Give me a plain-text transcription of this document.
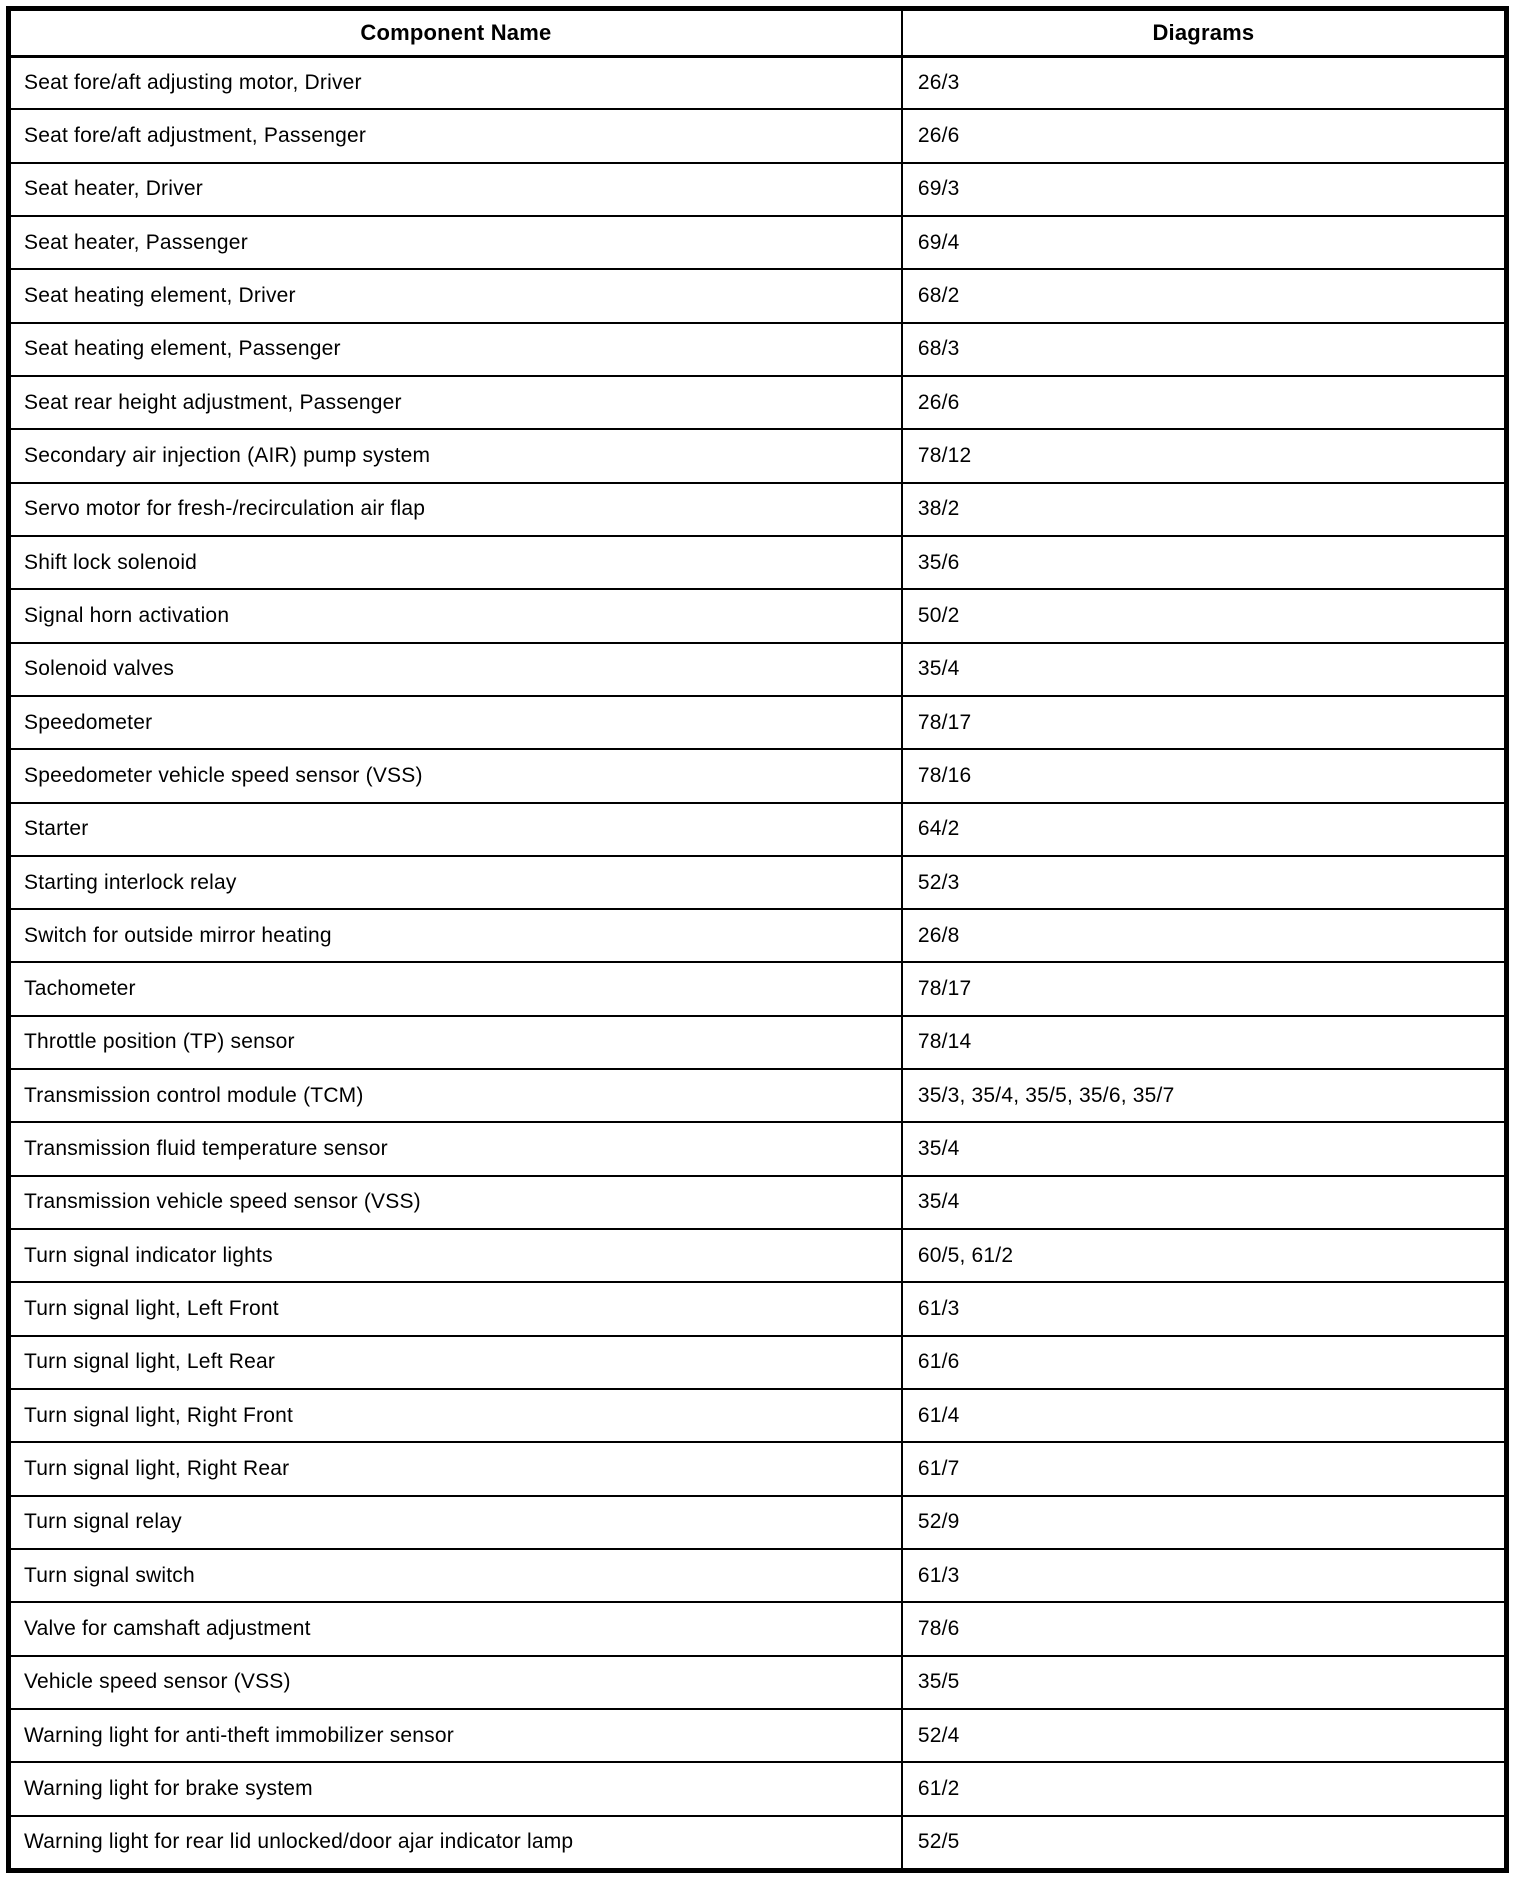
Component Name	Diagrams
Seat fore/aft adjusting motor, Driver	26/3
Seat fore/aft adjustment, Passenger	26/6
Seat heater, Driver	69/3
Seat heater, Passenger	69/4
Seat heating element, Driver	68/2
Seat heating element, Passenger	68/3
Seat rear height adjustment, Passenger	26/6
Secondary air injection (AIR) pump system	78/12
Servo motor for fresh-/recirculation air flap	38/2
Shift lock solenoid	35/6
Signal horn activation	50/2
Solenoid valves	35/4
Speedometer	78/17
Speedometer vehicle speed sensor (VSS)	78/16
Starter	64/2
Starting interlock relay	52/3
Switch for outside mirror heating	26/8
Tachometer	78/17
Throttle position (TP) sensor	78/14
Transmission control module (TCM)	35/3, 35/4, 35/5, 35/6, 35/7
Transmission fluid temperature sensor	35/4
Transmission vehicle speed sensor (VSS)	35/4
Turn signal indicator lights	60/5, 61/2
Turn signal light, Left Front	61/3
Turn signal light, Left Rear	61/6
Turn signal light, Right Front	61/4
Turn signal light, Right Rear	61/7
Turn signal relay	52/9
Turn signal switch	61/3
Valve for camshaft adjustment	78/6
Vehicle speed sensor (VSS)	35/5
Warning light for anti-theft immobilizer sensor	52/4
Warning light for brake system	61/2
Warning light for rear lid unlocked/door ajar indicator lamp	52/5
